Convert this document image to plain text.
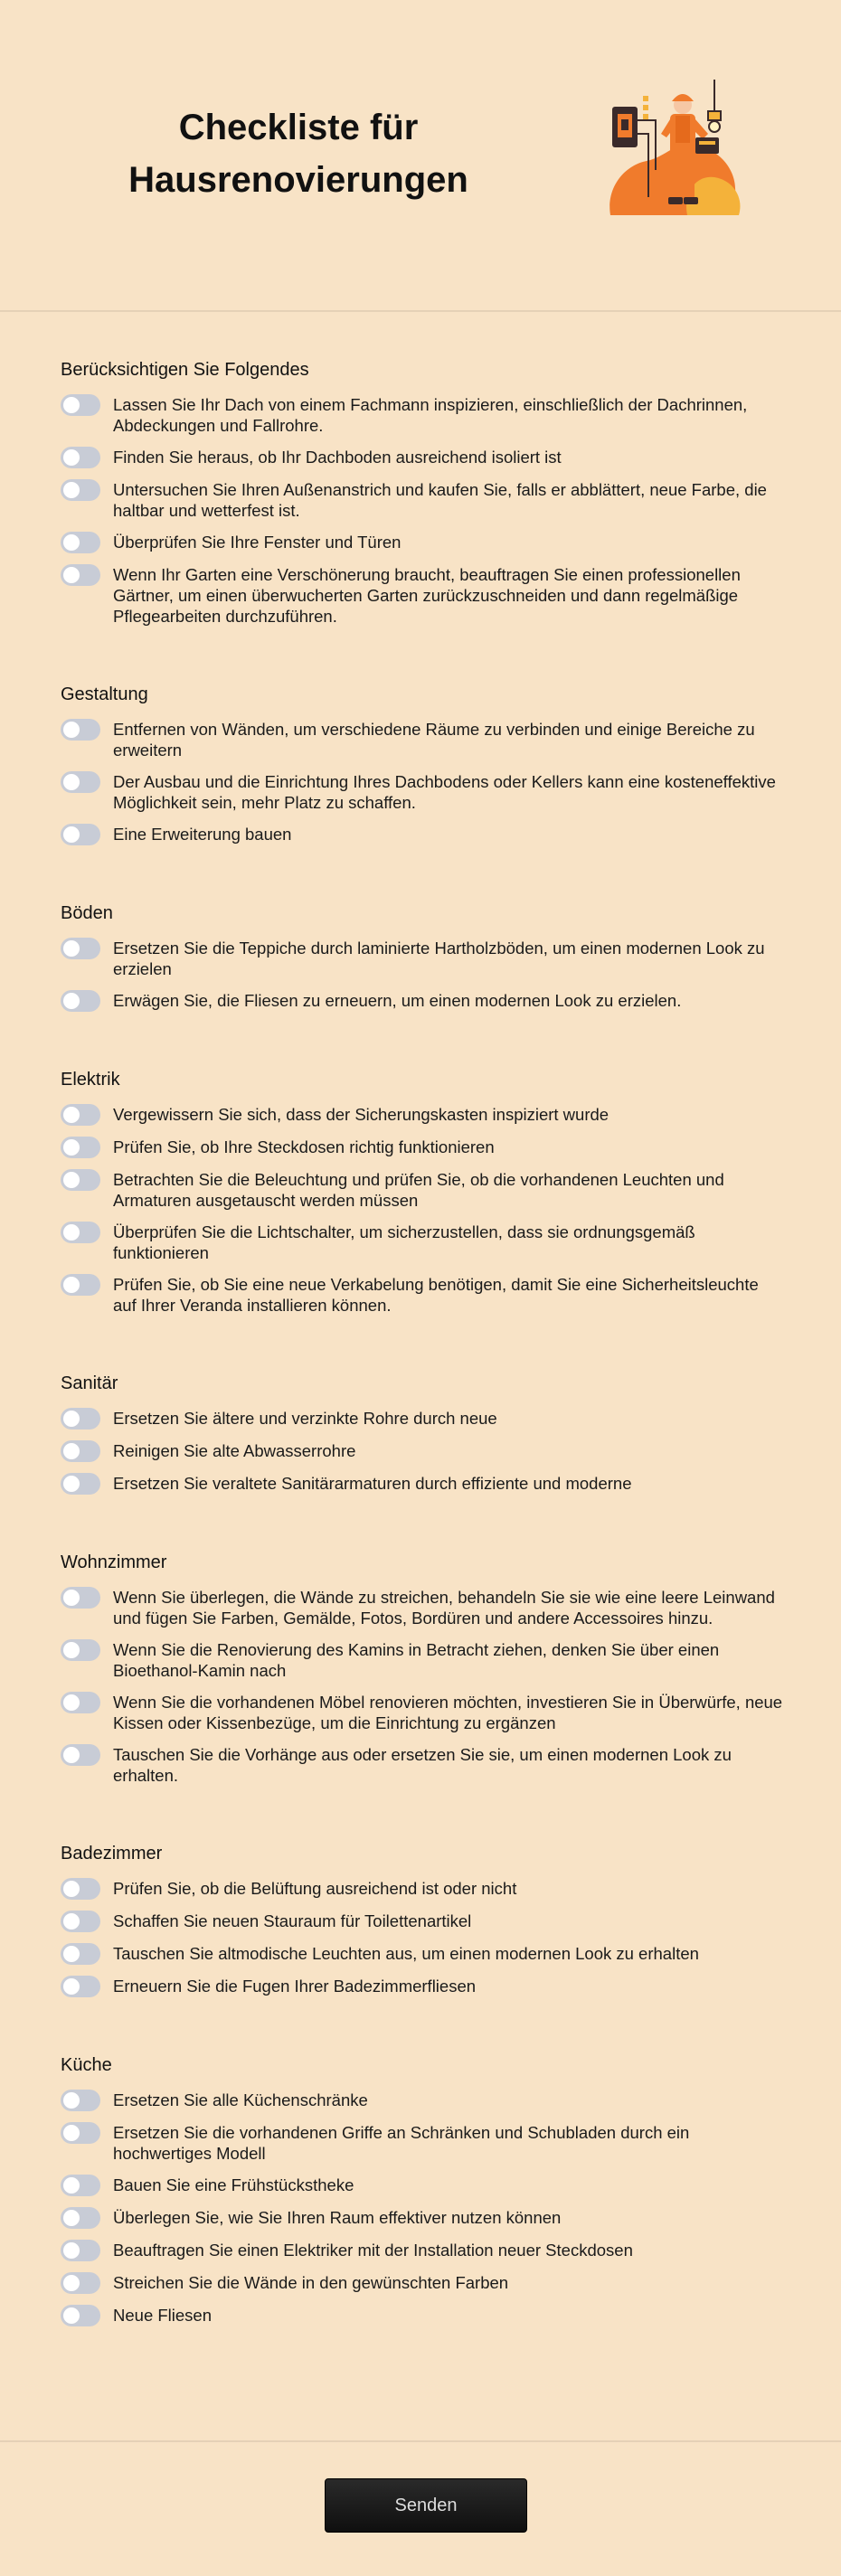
Checkliste für Hausrenovierungen
Berücksichtigen Sie Folgendes
Lassen Sie Ihr Dach von einem Fachmann inspizieren, einschließlich der Dachrinnen, Abdeckungen und Fallrohre.
Finden Sie heraus, ob Ihr Dachboden ausreichend isoliert ist
Untersuchen Sie Ihren Außenanstrich und kaufen Sie, falls er abblättert, neue Farbe, die haltbar und wetterfest ist.
Überprüfen Sie Ihre Fenster und Türen
Wenn Ihr Garten eine Verschönerung braucht, beauftragen Sie einen professionellen Gärtner, um einen überwucherten Garten zurückzuschneiden und dann regelmäßige Pflegearbeiten durchzuführen.
Gestaltung
Entfernen von Wänden, um verschiedene Räume zu verbinden und einige Bereiche zu erweitern
Der Ausbau und die Einrichtung Ihres Dachbodens oder Kellers kann eine kosteneffektive Möglichkeit sein, mehr Platz zu schaffen.
Eine Erweiterung bauen
Böden
Ersetzen Sie die Teppiche durch laminierte Hartholzböden, um einen modernen Look zu erzielen
Erwägen Sie, die Fliesen zu erneuern, um einen modernen Look zu erzielen.
Elektrik
Vergewissern Sie sich, dass der Sicherungskasten inspiziert wurde
Prüfen Sie, ob Ihre Steckdosen richtig funktionieren
Betrachten Sie die Beleuchtung und prüfen Sie, ob die vorhandenen Leuchten und Armaturen ausgetauscht werden müssen
Überprüfen Sie die Lichtschalter, um sicherzustellen, dass sie ordnungsgemäß funktionieren
Prüfen Sie, ob Sie eine neue Verkabelung benötigen, damit Sie eine Sicherheitsleuchte auf Ihrer Veranda installieren können.
Sanitär
Ersetzen Sie ältere und verzinkte Rohre durch neue
Reinigen Sie alte Abwasserrohre
Ersetzen Sie veraltete Sanitärarmaturen durch effiziente und moderne
Wohnzimmer
Wenn Sie überlegen, die Wände zu streichen, behandeln Sie sie wie eine leere Leinwand und fügen Sie Farben, Gemälde, Fotos, Bordüren und andere Accessoires hinzu.
Wenn Sie die Renovierung des Kamins in Betracht ziehen, denken Sie über einen Bioethanol-Kamin nach
Wenn Sie die vorhandenen Möbel renovieren möchten, investieren Sie in Überwürfe, neue Kissen oder Kissenbezüge, um die Einrichtung zu ergänzen
Tauschen Sie die Vorhänge aus oder ersetzen Sie sie, um einen modernen Look zu erhalten.
Badezimmer
Prüfen Sie, ob die Belüftung ausreichend ist oder nicht
Schaffen Sie neuen Stauraum für Toilettenartikel
Tauschen Sie altmodische Leuchten aus, um einen modernen Look zu erhalten
Erneuern Sie die Fugen Ihrer Badezimmerfliesen
Küche
Ersetzen Sie alle Küchenschränke
Ersetzen Sie die vorhandenen Griffe an Schränken und Schubladen durch ein hochwertiges Modell
Bauen Sie eine Frühstückstheke
Überlegen Sie, wie Sie Ihren Raum effektiver nutzen können
Beauftragen Sie einen Elektriker mit der Installation neuer Steckdosen
Streichen Sie die Wände in den gewünschten Farben
Neue Fliesen
Senden
